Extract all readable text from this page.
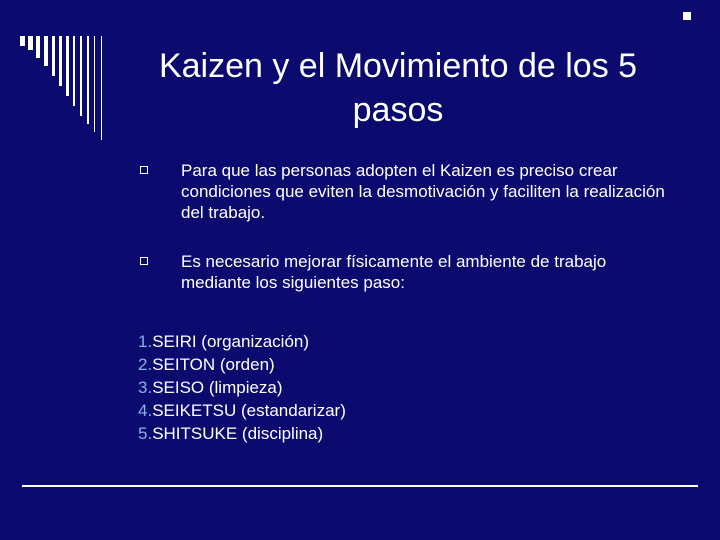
Kaizen y el Movimiento de los 5 pasos
Para que las personas adopten el Kaizen es preciso crear condiciones que eviten la desmotivación y faciliten la realización del trabajo.
Es necesario mejorar físicamente el ambiente de trabajo mediante los siguientes paso:
1.SEIRI (organización)
2.SEITON (orden)
3.SEISO (limpieza)
4.SEIKETSU (estandarizar)
5.SHITSUKE (disciplina)
